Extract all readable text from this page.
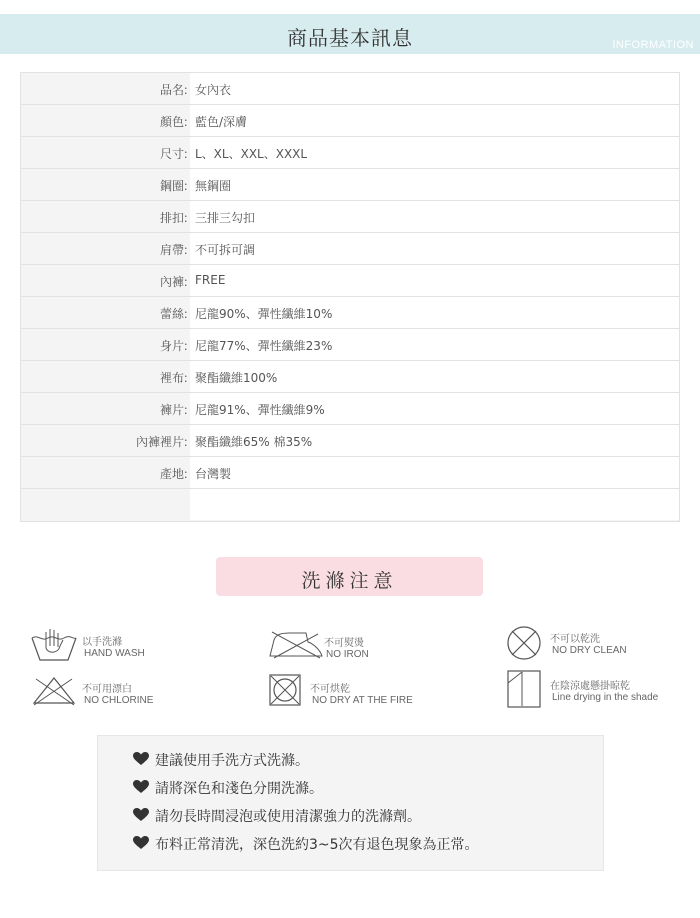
商品基本訊息	INFORMATION
品名 ： 女內衣
顏色 ： 藍色/深膚
尺寸 ： L、XL、XXL、XXXL
鋼圈 ： 無鋼圈
排扣 ： 三排三勾扣
肩帶 ： 不可拆可調
內褲 ： FREE
蕾絲 ： 尼龍90%、彈性纖維10%
身片 ： 尼龍77%、彈性纖維23%
裡布 ： 聚酯纖維100%
褲片 ： 尼龍91%、彈性纖維9%
內褲裡片 ： 聚酯纖維65% 棉35%
產地 ： 台灣製
洗滌注意
以手洗滌
HAND WASH
不可熨燙
NO IRON
不可以乾洗
NO DRY CLEAN
不可用漂白
NO CHLORINE
不可烘乾
NO DRY AT THE FIRE
在陰涼處懸掛晾乾
Line drying in the shade
建議使用手洗方式洗滌。
請將深色和淺色分開洗滌。
請勿長時間浸泡或使用清潔強力的洗滌劑。
布料正常清洗，深色洗約3~5次有退色現象為正常。
